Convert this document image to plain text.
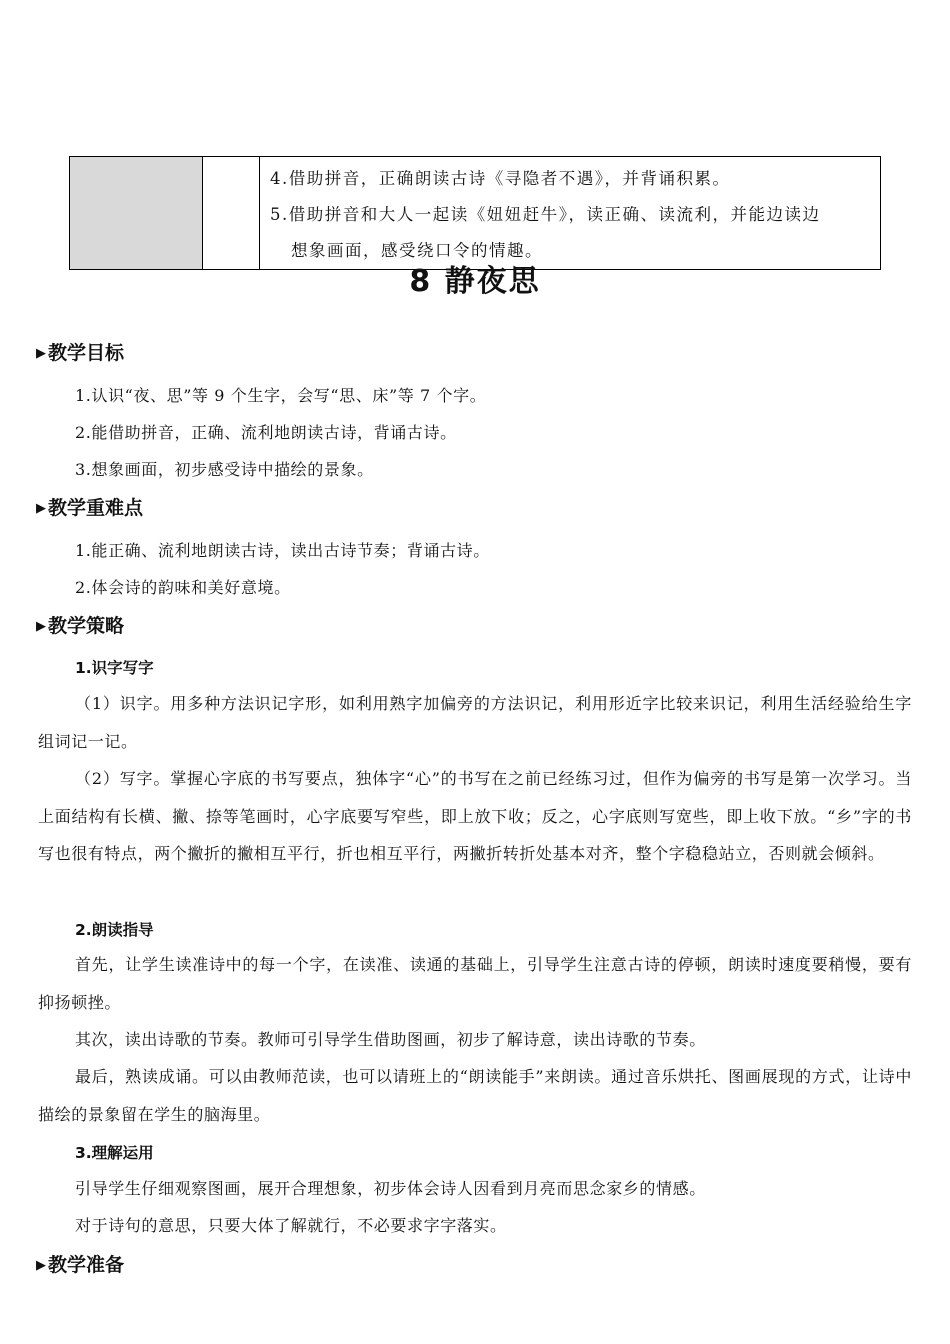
4.借助拼音，正确朗读古诗《寻隐者不遇》，并背诵积累。
5.借助拼音和大人一起读《妞妞赶牛》，读正确、读流利，并能边读边
想象画面，感受绕口令的情趣。
8 静夜思
▶ 教学目标
1.认识“夜、思”等 9 个生字，会写“思、床”等 7 个字。
2.能借助拼音，正确、流利地朗读古诗，背诵古诗。
3.想象画面，初步感受诗中描绘的景象。
▶ 教学重难点
1.能正确、流利地朗读古诗，读出古诗节奏；背诵古诗。
2.体会诗的韵味和美好意境。
▶ 教学策略
1.识字写字
（1）识字。用多种方法识记字形，如利用熟字加偏旁的方法识记，利用形近字比较来识记，利用生活经验给生字组词记一记。
（2）写字。掌握心字底的书写要点，独体字“心”的书写在之前已经练习过，但作为偏旁的书写是第一次学习。当上面结构有长横、撇、捺等笔画时，心字底要写窄些，即上放下收；反之，心字底则写宽些，即上收下放。“乡”字的书写也很有特点，两个撇折的撇相互平行，折也相互平行，两撇折转折处基本对齐，整个字稳稳站立，否则就会倾斜。
2.朗读指导
首先，让学生读准诗中的每一个字，在读准、读通的基础上，引导学生注意古诗的停顿，朗读时速度要稍慢，要有抑扬顿挫。
其次，读出诗歌的节奏。教师可引导学生借助图画，初步了解诗意，读出诗歌的节奏。
最后，熟读成诵。可以由教师范读，也可以请班上的“朗读能手”来朗读。通过音乐烘托、图画展现的方式，让诗中描绘的景象留在学生的脑海里。
3.理解运用
引导学生仔细观察图画，展开合理想象，初步体会诗人因看到月亮而思念家乡的情感。
对于诗句的意思，只要大体了解就行，不必要求字字落实。
▶ 教学准备
